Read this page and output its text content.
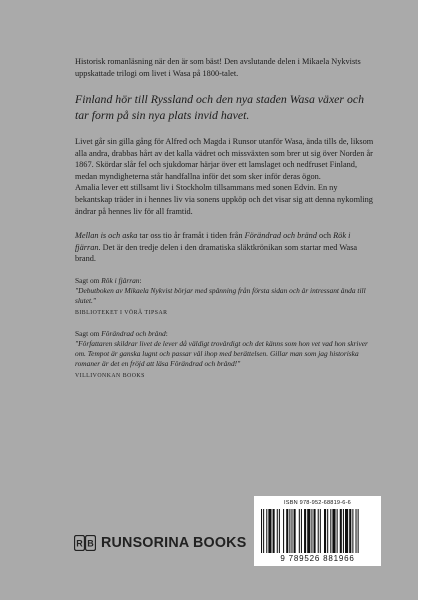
Historisk romanläsning när den är som bäst! Den avslutande delen i Mikaela Nykvists uppskattade trilogi om livet i Wasa på 1800-talet.

Finland hör till Ryssland och den nya staden Wasa växer och tar form på sin nya plats invid havet.

Livet går sin gilla gång för Alfred och Magda i Runsor utanför Wasa, ända tills de, liksom alla andra, drabbas hårt av det kalla vädret och missväxten som brer ut sig över Norden år 1867. Skördar slår fel och sjukdomar härjar över ett lamslaget och nedfruset Finland, medan myndigheterna står handfallna inför det som sker inför deras ögon.

Amalia lever ett stillsamt liv i Stockholm tillsammans med sonen Edvin. En ny bekantskap träder in i hennes liv via sonens uppköp och det visar sig att denna nykomling ändrar på hennes liv för all framtid.

Mellan is och aska tar oss tio år framåt i tiden från Förändrad och bränd och Rök i fjärran. Det är den tredje delen i den dramatiska släktkrönikan som startar med Wasa brand.

Sagt om Rök i fjärran:
"Debutboken av Mikaela Nykvist börjar med spänning från första sidan och är intressant ända till slutet."
BIBLIOTEKET I VÖRÅ TIPSAR
Sagt om Förändrad och bränd:
"Författaren skildrar livet de lever då väldigt trovärdigt och det känns som hon vet vad hon skriver om. Tempot är ganska lugnt och passar väl ihop med berättelsen. Gillar man som jag historiska romaner är det en fröjd att läsa Förändrad och bränd!"
VILLIVONKAN BOOKS
R B RUNSORINA BOOKS
ISBN 978-952-68819-6-6
9 789526 881966
